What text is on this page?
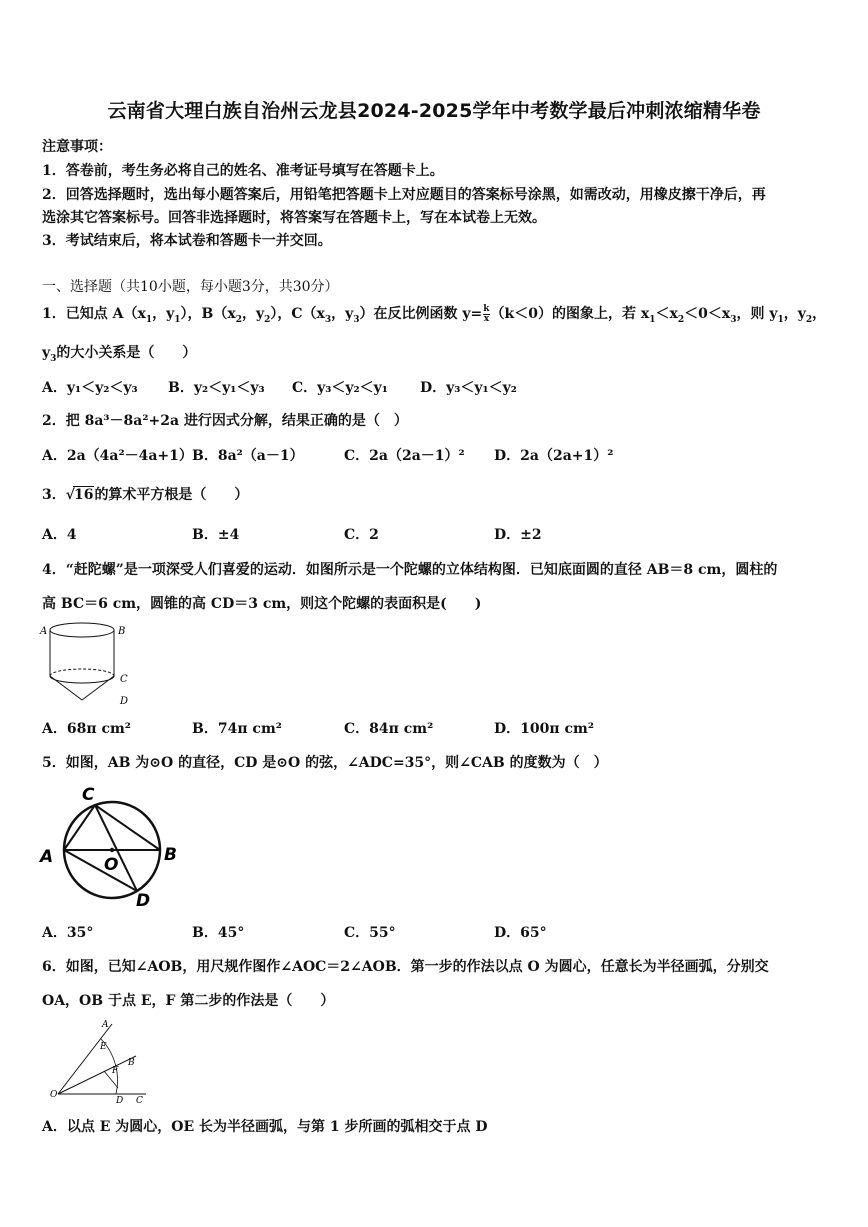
云南省大理白族自治州云龙县2024-2025学年中考数学最后冲刺浓缩精华卷
注意事项：
1．答卷前，考生务必将自己的姓名、准考证号填写在答题卡上。
2．回答选择题时，选出每小题答案后，用铅笔把答题卡上对应题目的答案标号涂黑，如需改动，用橡皮擦干净后，再
选涂其它答案标号。回答非选择题时，将答案写在答题卡上，写在本试卷上无效。
3．考试结束后，将本试卷和答题卡一并交回。
一、选择题（共10小题，每小题3分，共30分）
1．已知点 $A(x_1$，$y_1$），$B(x_2$，$y_2$），$C(x_3$，$y_3$）在反比例函数 $y= \frac{k}{x} (k<0)$的图象上，若 $x_1<x_2<0<x_3$，则 $y_1$，$y_2$，
$y_3$的大小关系是（　　）
A．y₁＜y₂＜y₃ B．y₂＜y₁＜y₃ C．y₃＜y₂＜y₁ D．y₃＜y₁＜y₂
2．把 8a³－8a²+2a 进行因式分解，结果正确的是（　）
A．2a（4a²－4a+1） B．8a²（a－1）	C．2a（2a－1）² D．2a（2a+1）²
3．√16的算术平方根是（　　）
A．4	B．±4	C．2	D．±2
4．“赶陀螺”是一项深受人们喜爱的运动．如图所示是一个陀螺的立体结构图．已知底面圆的直径 AB＝8 cm，圆柱的
高 BC＝6 cm，圆锥的高 CD＝3 cm，则这个陀螺的表面积是(　　)
A	B
C
D
A．68π cm²	B．74π cm²	C．84π cm²	D．100π cm²
5．如图，AB 为⊙O 的直径，CD 是⊙O 的弦，∠ADC=35°，则∠CAB 的度数为（　）
C
A	O	B
D
A．35°	B．45°	C．55°	D．65°
6．如图，已知∠AOB，用尺规作图作∠AOC＝2∠AOB．第一步的作法以点 O 为圆心，任意长为半径画弧，分别交
OA，OB 于点 E，F 第二步的作法是（　　）
A
E
B
F
O
D C
A．以点 E 为圆心，OE 长为半径画弧，与第 1 步所画的弧相交于点 D
